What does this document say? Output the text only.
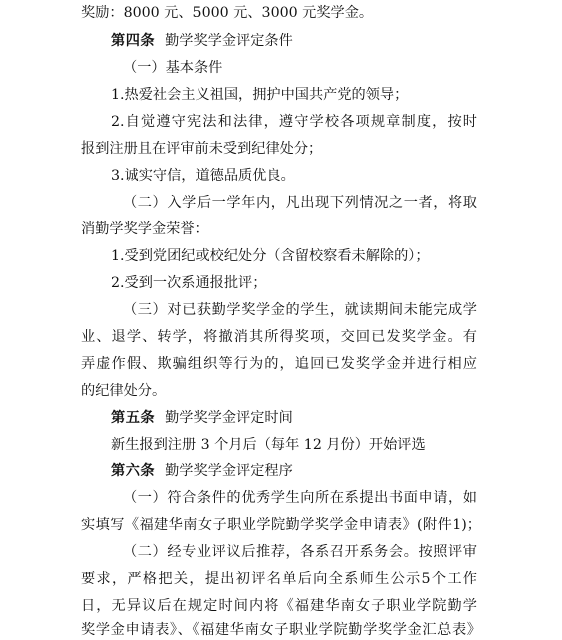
奖励：8000 元、5000 元、3000 元奖学金。
第四条 勤学奖学金评定条件
（一）基本条件
1.热爱社会主义祖国，拥护中国共产党的领导；
2.自觉遵守宪法和法律，遵守学校各项规章制度，按时
报到注册且在评审前未受到纪律处分；
3.诚实守信，道德品质优良。
（二）入学后一学年内，凡出现下列情况之一者，将取
消勤学奖学金荣誉：
1.受到党团纪或校纪处分（含留校察看未解除的）；
2.受到一次系通报批评；
（三）对已获勤学奖学金的学生，就读期间未能完成学
业、退学、转学，将撤消其所得奖项，交回已发奖学金。有
弄虚作假、欺骗组织等行为的，追回已发奖学金并进行相应
的纪律处分。
第五条 勤学奖学金评定时间
新生报到注册 3 个月后（每年 12 月份）开始评选
第六条 勤学奖学金评定程序
（一）符合条件的优秀学生向所在系提出书面申请，如
实填写《福建华南女子职业学院勤学奖学金申请表》(附件1)；
（二）经专业评议后推荐，各系召开系务会。按照评审
要求，严格把关，提出初评名单后向全系师生公示5个工作
日，无异议后在规定时间内将《福建华南女子职业学院勤学
奖学金申请表》、《福建华南女子职业学院勤学奖学金汇总表》
